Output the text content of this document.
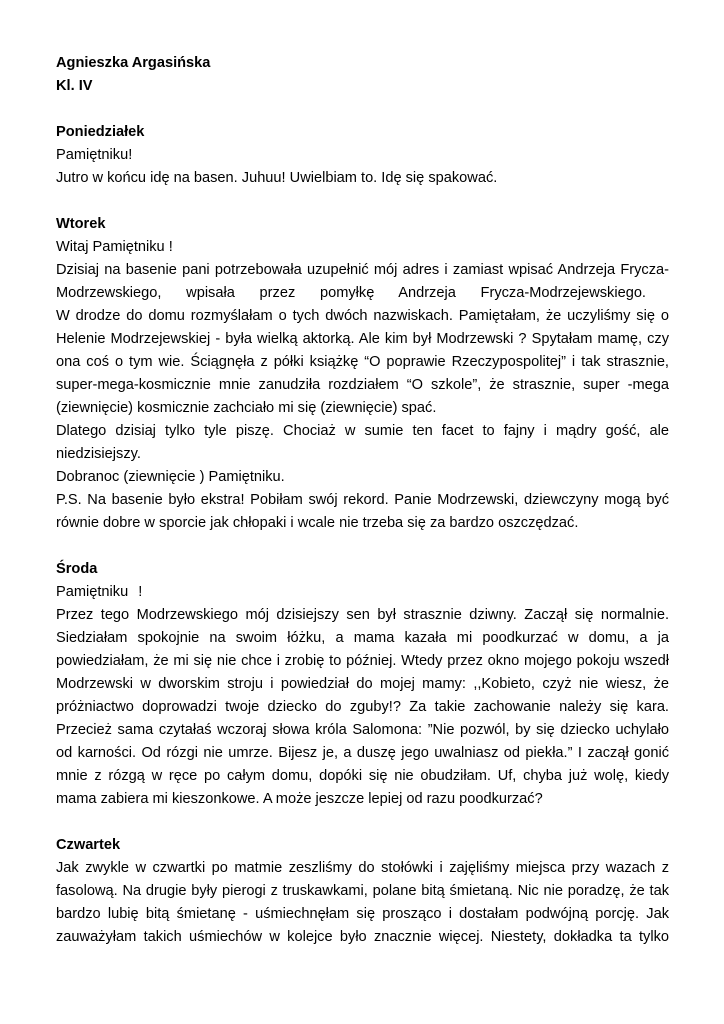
Agnieszka Argasińska
Kl. IV
Poniedziałek
Pamiętniku!
Jutro w końcu idę na basen. Juhuu! Uwielbiam to. Idę się spakować.
Wtorek
Witaj Pamiętniku !
Dzisiaj na basenie pani potrzebowała uzupełnić mój adres i zamiast wpisać Andrzeja Frycza-
Modrzewskiego, wpisała przez pomyłkę Andrzeja Frycza-Modrzejewskiego.
W drodze do domu rozmyślałam o tych dwóch nazwiskach. Pamiętałam, że uczyliśmy się o
Helenie Modrzejewskiej - była wielką aktorką. Ale kim był Modrzewski ? Spytałam mamę, czy
ona coś o tym wie. Ściągnęła z półki książkę “O poprawie Rzeczypospolitej” i tak strasznie,
super-mega-kosmicznie mnie zanudziła rozdziałem “O szkole”, że strasznie, super -mega
(ziewnięcie) kosmicznie zachciało mi się (ziewnięcie) spać.
Dlatego dzisiaj tylko tyle piszę. Chociaż w sumie ten facet to fajny i mądry gość, ale
niedzisiejszy.
Dobranoc (ziewnięcie ) Pamiętniku.
P.S. Na basenie było ekstra! Pobiłam swój rekord. Panie Modrzewski, dziewczyny mogą być
równie dobre w sporcie jak chłopaki i wcale nie trzeba się za bardzo oszczędzać.
Środa
Pamiętniku !
Przez tego Modrzewskiego mój dzisiejszy sen był strasznie dziwny. Zaczął się normalnie.
Siedziałam spokojnie na swoim łóżku, a mama kazała mi poodkurzać w domu, a ja
powiedziałam, że mi się nie chce i zrobię to później. Wtedy przez okno mojego pokoju wszedł
Modrzewski w dworskim stroju i powiedział do mojej mamy: ,,Kobieto, czyż nie wiesz, że
próżniactwo doprowadzi twoje dziecko do zguby!? Za takie zachowanie należy się kara.
Przecież sama czytałaś wczoraj słowa króla Salomona: ”Nie pozwól, by się dziecko uchylało
od karności. Od rózgi nie umrze. Bijesz je, a duszę jego uwalniasz od piekła.” I zaczął gonić
mnie z rózgą w ręce po całym domu, dopóki się nie obudziłam. Uf, chyba już wolę, kiedy
mama zabiera mi kieszonkowe. A może jeszcze lepiej od razu poodkurzać?
Czwartek
Jak zwykle w czwartki po matmie zeszliśmy do stołówki i zajęliśmy miejsca przy wazach z
fasolową. Na drugie były pierogi z truskawkami, polane bitą śmietaną. Nic nie poradzę, że tak
bardzo lubię bitą śmietanę - uśmiechnęłam się prosząco i dostałam podwójną porcję. Jak
zauważyłam takich uśmiechów w kolejce było znacznie więcej. Niestety, dokładka ta tylko
